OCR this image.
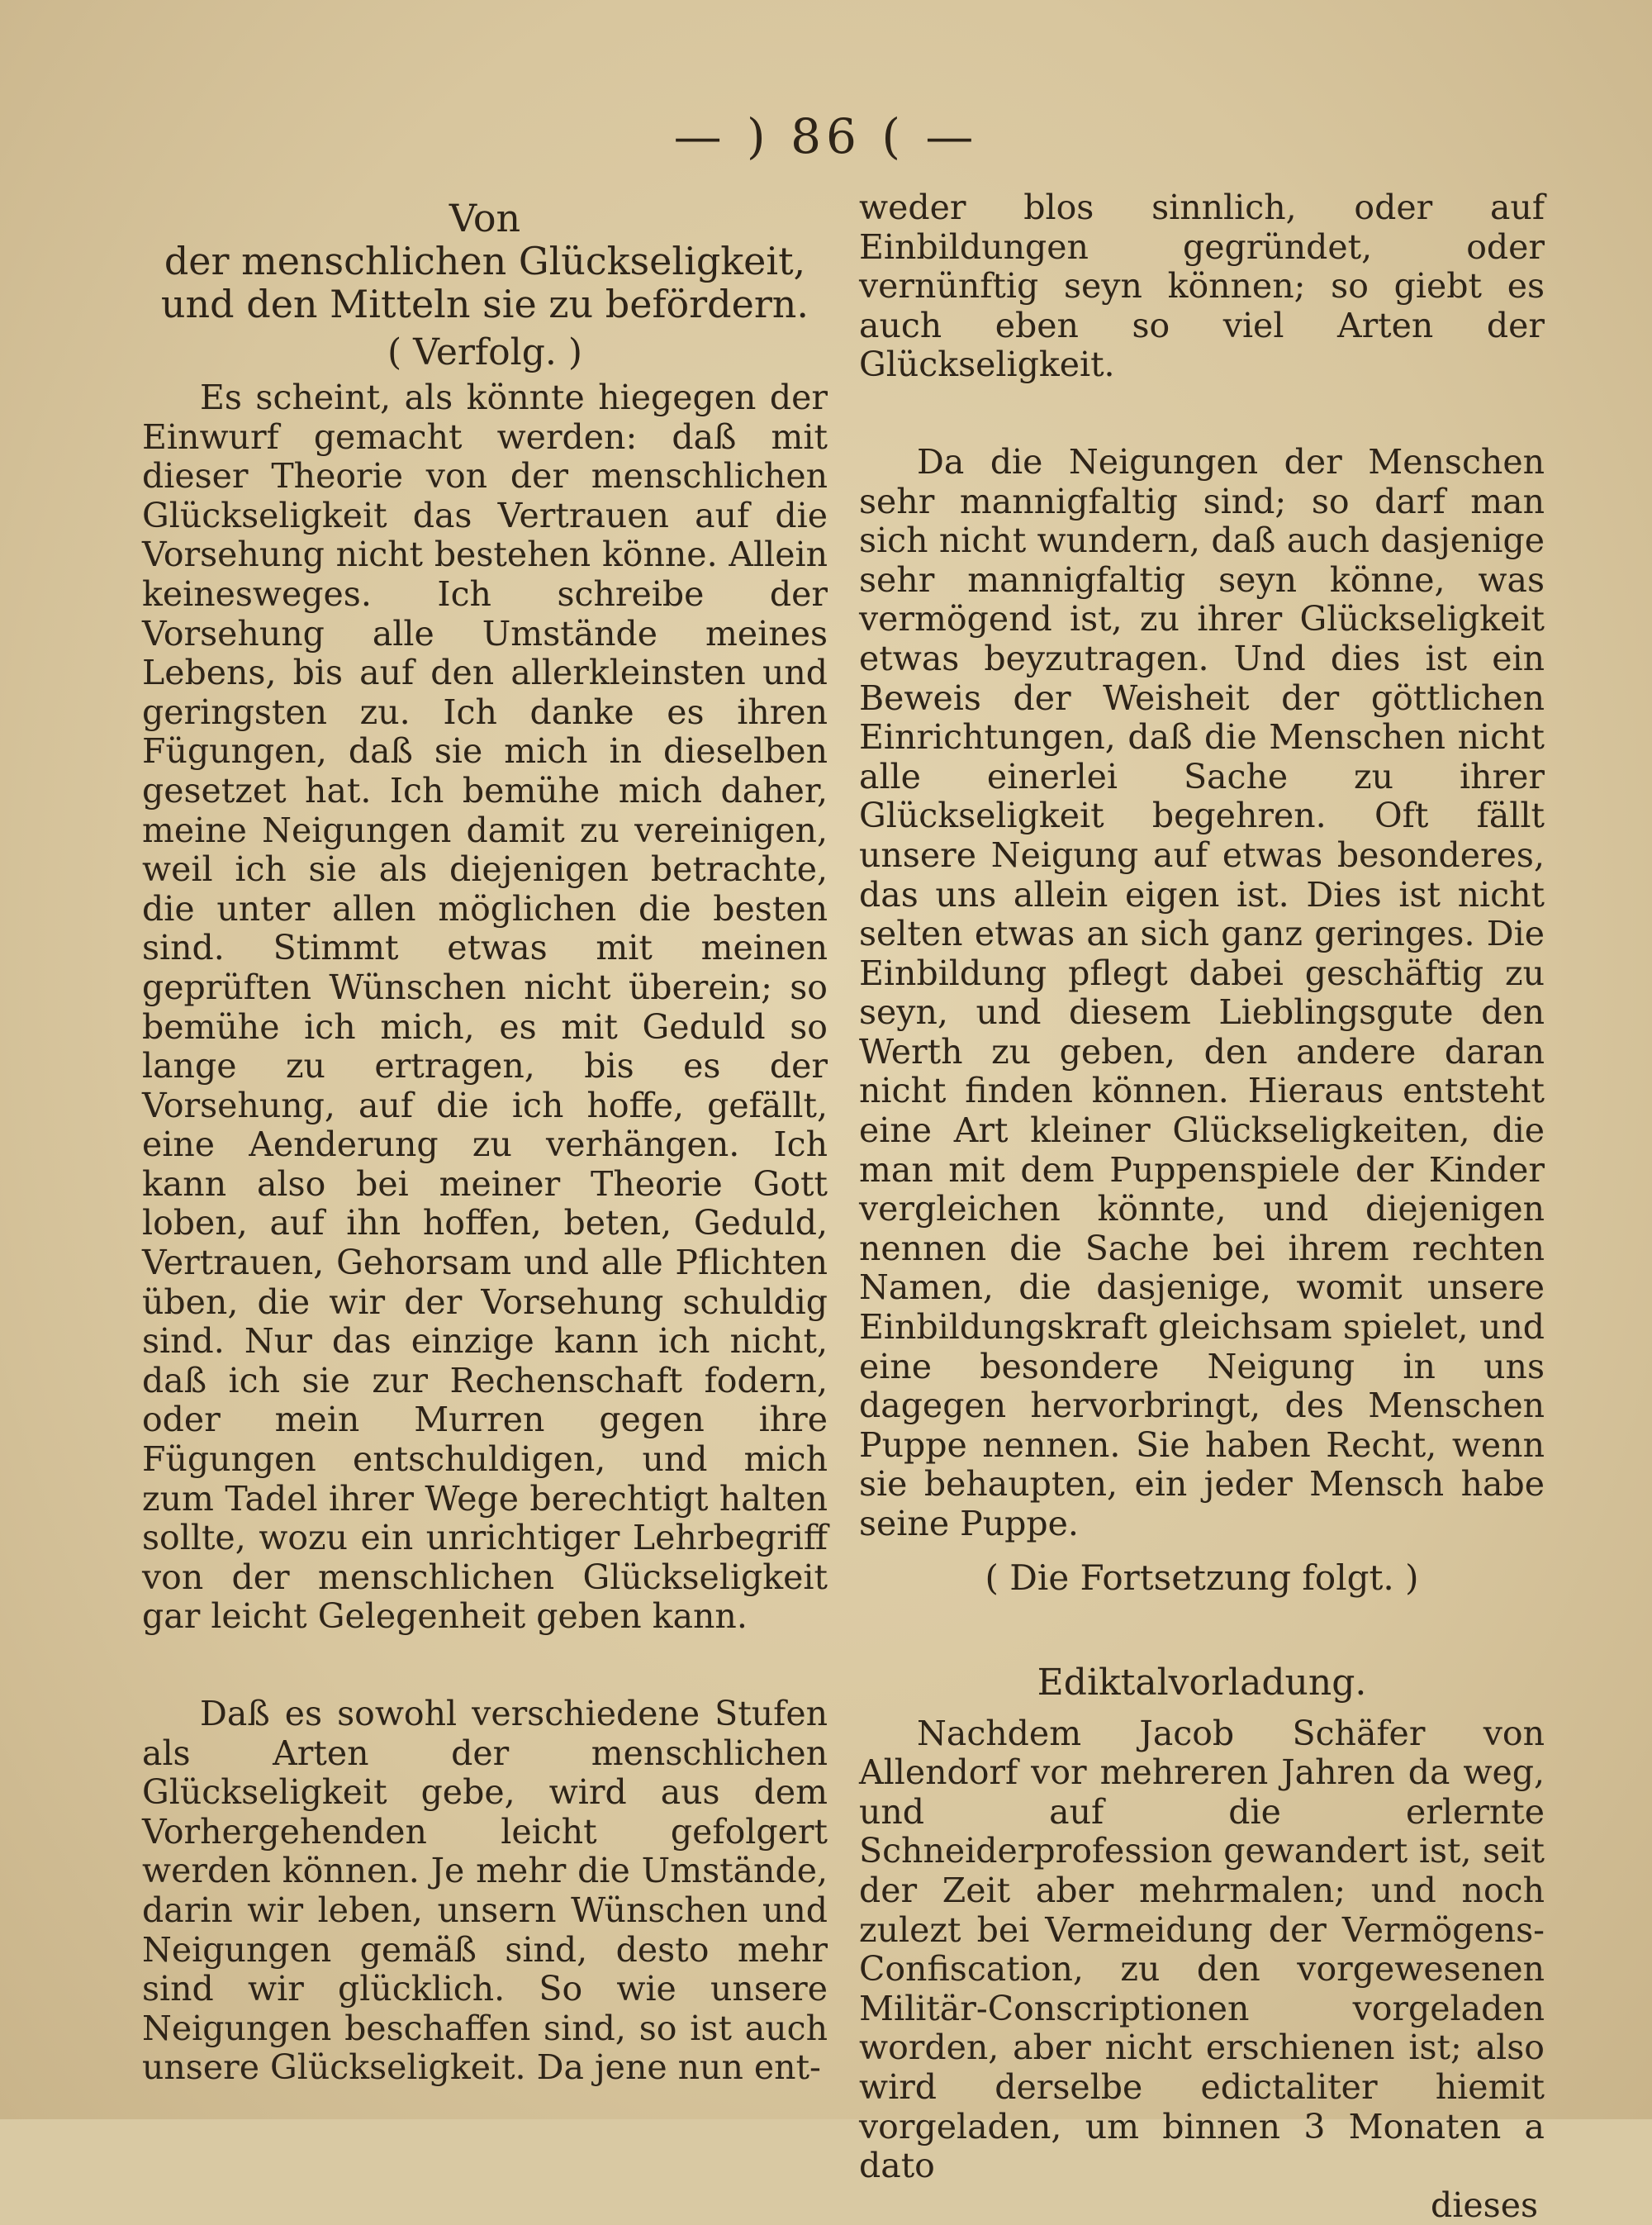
— ) 86 ( —
Von
der menschlichen Glückseligkeit, und den Mitteln sie zu befördern.
( Verfolg. )

Es scheint, als könnte hiegegen der Einwurf gemacht werden: daß mit dieser Theorie von der menschlichen Glückseligkeit das Vertrauen auf die Vorsehung nicht bestehen könne. Allein keinesweges. Ich schreibe der Vorsehung alle Umstände meines Lebens, bis auf den allerkleinsten und geringsten zu. Ich danke es ihren Fügungen, daß sie mich in dieselben gesetzet hat. Ich bemühe mich daher, meine Neigungen damit zu vereinigen, weil ich sie als diejenigen betrachte, die unter allen möglichen die besten sind. Stimmt etwas mit meinen geprüften Wünschen nicht überein; so bemühe ich mich, es mit Geduld so lange zu ertragen, bis es der Vorsehung, auf die ich hoffe, gefällt, eine Aenderung zu verhängen. Ich kann also bei meiner Theorie Gott loben, auf ihn hoffen, beten, Geduld, Vertrauen, Gehorsam und alle Pflichten üben, die wir der Vorsehung schuldig sind. Nur das einzige kann ich nicht, daß ich sie zur Rechenschaft fodern, oder mein Murren gegen ihre Fügungen entschuldigen, und mich zum Tadel ihrer Wege berechtigt halten sollte, wozu ein unrichtiger Lehrbegriff von der menschlichen Glückseligkeit gar leicht Gelegenheit geben kann.

Daß es sowohl verschiedene Stufen als Arten der menschlichen Glückseligkeit gebe, wird aus dem Vorhergehenden leicht gefolgert werden können. Je mehr die Umstände, darin wir leben, unsern Wünschen und Neigungen gemäß sind, desto mehr sind wir glücklich. So wie unsere Neigungen beschaffen sind, so ist auch unsere Glückseligkeit. Da jene nun ent-

weder blos sinnlich, oder auf Einbildungen gegründet, oder vernünftig seyn können; so giebt es auch eben so viel Arten der Glückseligkeit.

Da die Neigungen der Menschen sehr mannigfaltig sind; so darf man sich nicht wundern, daß auch dasjenige sehr mannigfaltig seyn könne, was vermögend ist, zu ihrer Glückseligkeit etwas beyzutragen. Und dies ist ein Beweis der Weisheit der göttlichen Einrichtungen, daß die Menschen nicht alle einerlei Sache zu ihrer Glückseligkeit begehren. Oft fällt unsere Neigung auf etwas besonderes, das uns allein eigen ist. Dies ist nicht selten etwas an sich ganz geringes. Die Einbildung pflegt dabei geschäftig zu seyn, und diesem Lieblingsgute den Werth zu geben, den andere daran nicht finden können. Hieraus entsteht eine Art kleiner Glückseligkeiten, die man mit dem Puppenspiele der Kinder vergleichen könnte, und diejenigen nennen die Sache bei ihrem rechten Namen, die dasjenige, womit unsere Einbildungskraft gleichsam spielet, und eine besondere Neigung in uns dagegen hervorbringt, des Menschen Puppe nennen. Sie haben Recht, wenn sie behaupten, ein jeder Mensch habe seine Puppe.

( Die Fortsetzung folgt. )
Ediktalvorladung.

Nachdem Jacob Schäfer von Allendorf vor mehreren Jahren da weg, und auf die erlernte Schneiderprofession gewandert ist, seit der Zeit aber mehrmalen; und noch zulezt bei Vermeidung der Vermögens-Confiscation, zu den vorgewesenen Militär-Conscriptionen vorgeladen worden, aber nicht erschienen ist; also wird derselbe edictaliter hiemit vorgeladen, um binnen 3 Monaten a dato

dieses
